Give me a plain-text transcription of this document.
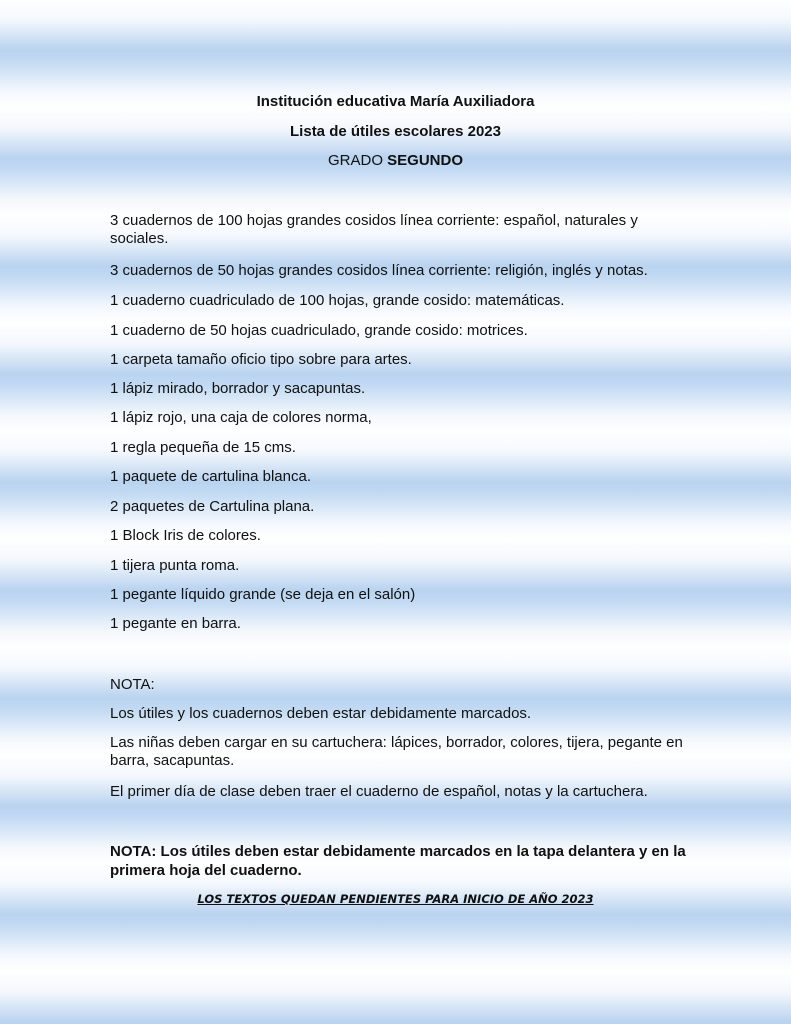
Institución educativa María Auxiliadora
Lista de útiles escolares 2023
GRADO SEGUNDO
3 cuadernos de 100 hojas grandes cosidos línea corriente: español, naturales y sociales.
3 cuadernos de 50 hojas grandes cosidos línea corriente: religión, inglés y notas.
1 cuaderno cuadriculado de 100 hojas, grande cosido: matemáticas.
1 cuaderno de 50 hojas cuadriculado, grande cosido: motrices.
1 carpeta tamaño oficio tipo sobre para artes.
1 lápiz mirado, borrador y sacapuntas.
1 lápiz rojo, una caja de colores norma,
1 regla pequeña de 15 cms.
1 paquete de cartulina blanca.
2 paquetes de Cartulina plana.
1 Block Iris de colores.
1 tijera punta roma.
1 pegante líquido grande (se deja en el salón)
1 pegante en barra.
NOTA:
Los útiles y los cuadernos deben estar debidamente marcados.
Las niñas deben cargar en su cartuchera: lápices, borrador, colores, tijera, pegante en barra, sacapuntas.
El primer día de clase deben traer el cuaderno de español, notas y la cartuchera.
NOTA: Los útiles deben estar debidamente marcados en la tapa delantera y en la primera hoja del cuaderno.
LOS TEXTOS QUEDAN PENDIENTES PARA INICIO DE AÑO 2023
